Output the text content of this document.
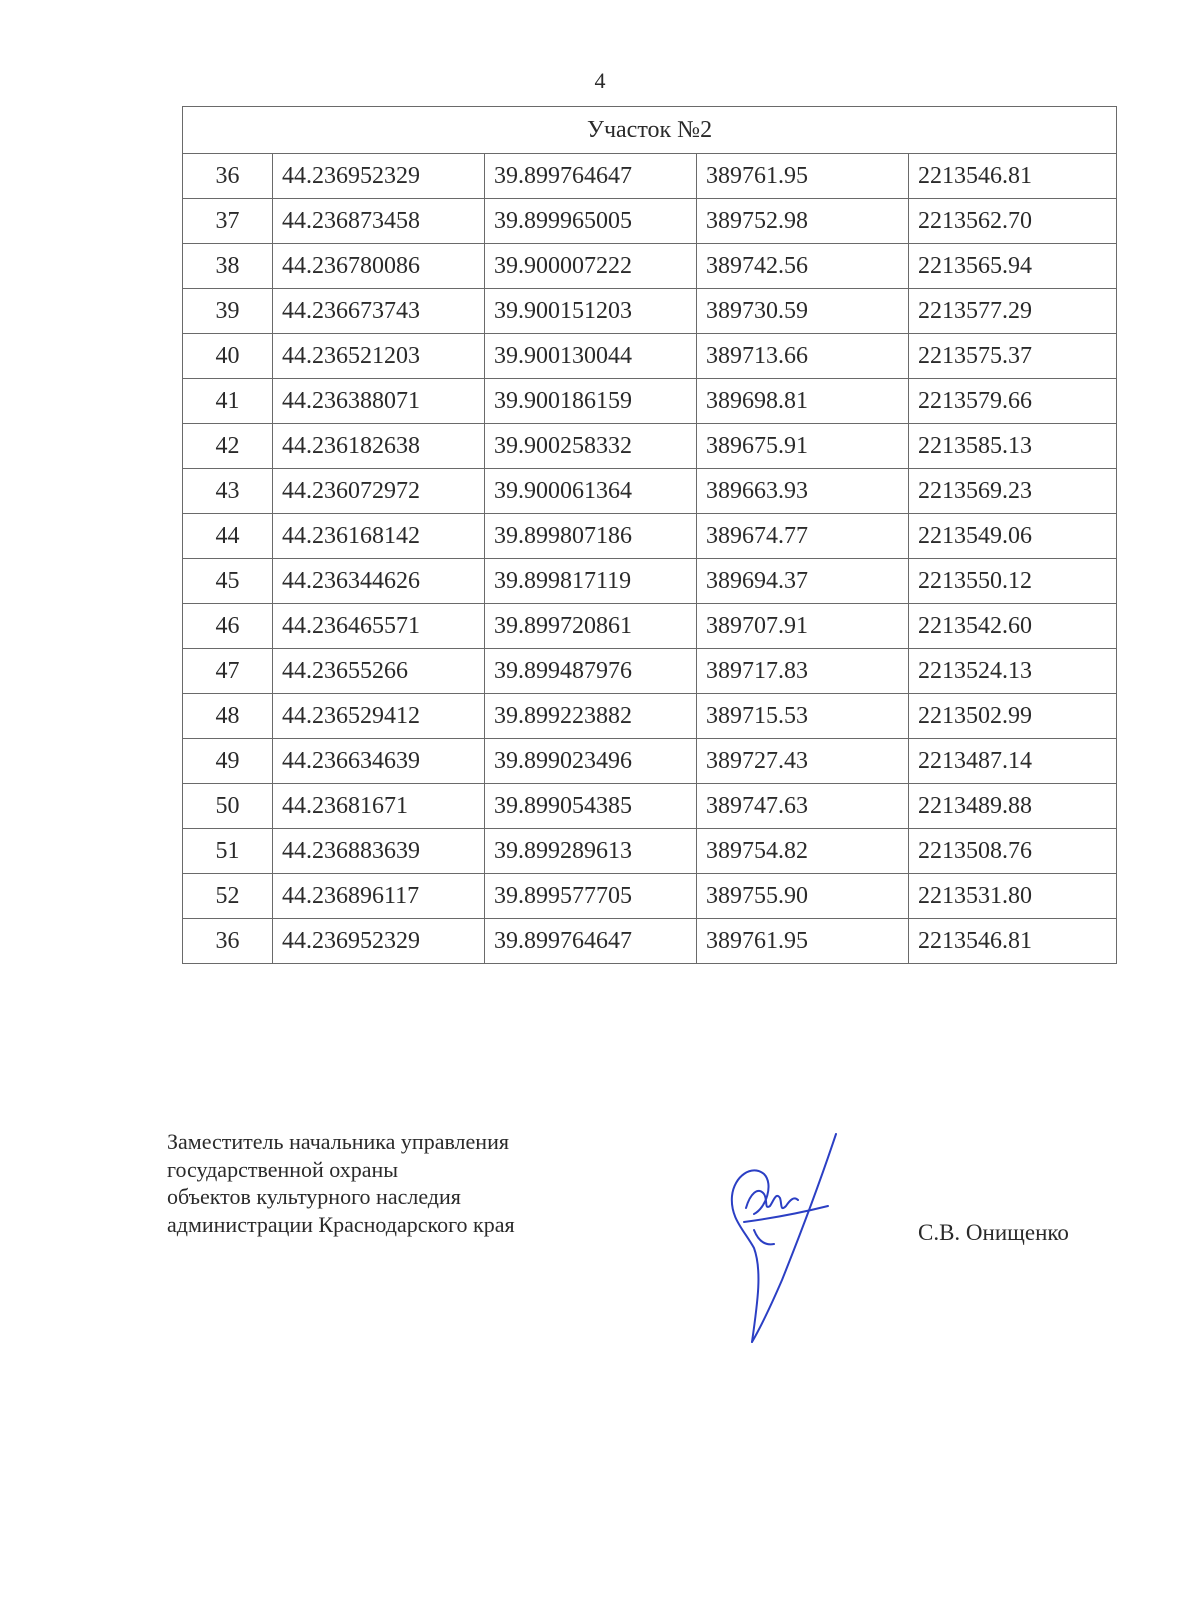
4
Участок №2				
36	44.236952329	39.899764647	389761.95	2213546.81
37	44.236873458	39.899965005	389752.98	2213562.70
38	44.236780086	39.900007222	389742.56	2213565.94
39	44.236673743	39.900151203	389730.59	2213577.29
40	44.236521203	39.900130044	389713.66	2213575.37
41	44.236388071	39.900186159	389698.81	2213579.66
42	44.236182638	39.900258332	389675.91	2213585.13
43	44.236072972	39.900061364	389663.93	2213569.23
44	44.236168142	39.899807186	389674.77	2213549.06
45	44.236344626	39.899817119	389694.37	2213550.12
46	44.236465571	39.899720861	389707.91	2213542.60
47	44.23655266	39.899487976	389717.83	2213524.13
48	44.236529412	39.899223882	389715.53	2213502.99
49	44.236634639	39.899023496	389727.43	2213487.14
50	44.23681671	39.899054385	389747.63	2213489.88
51	44.236883639	39.899289613	389754.82	2213508.76
52	44.236896117	39.899577705	389755.90	2213531.80
36	44.236952329	39.899764647	389761.95	2213546.81
Заместитель начальника управления
государственной охраны
объектов культурного наследия
администрации Краснодарского края	С.В. Онищенко
